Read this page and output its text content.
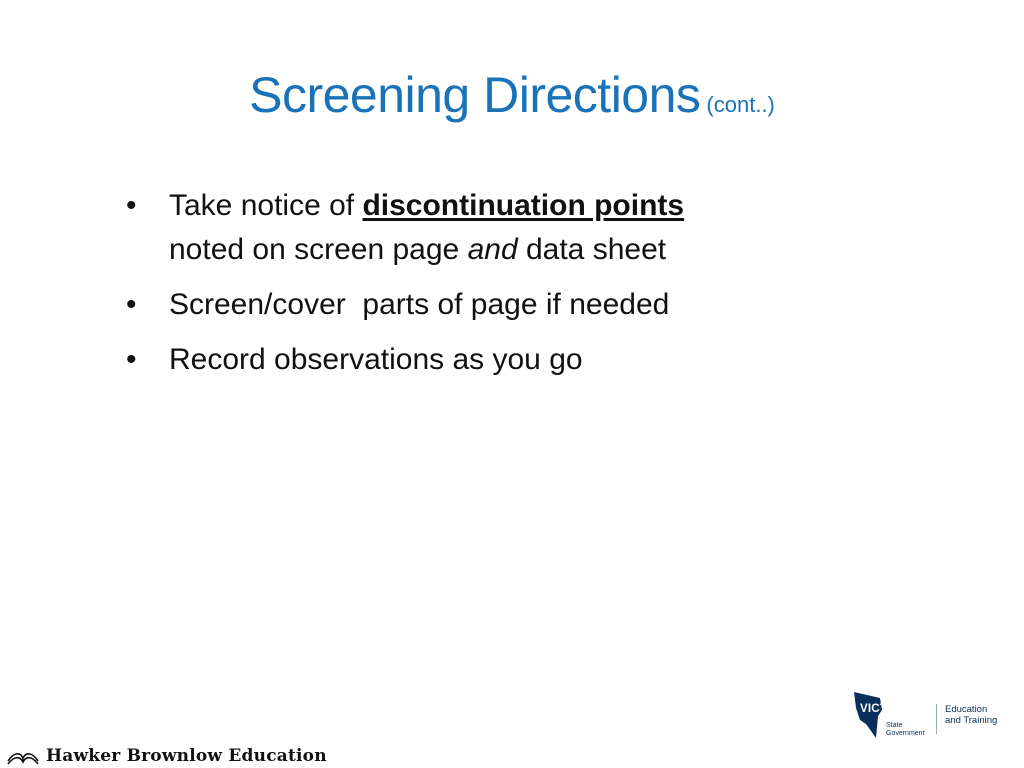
Screening Directions (cont..)
•	Take notice of discontinuation points
noted on screen page and data sheet
•	Screen/cover  parts of page if needed
•	Record observations as you go
Hawker Brownlow Education
VICTORIA
State
Government
Education
and Training
